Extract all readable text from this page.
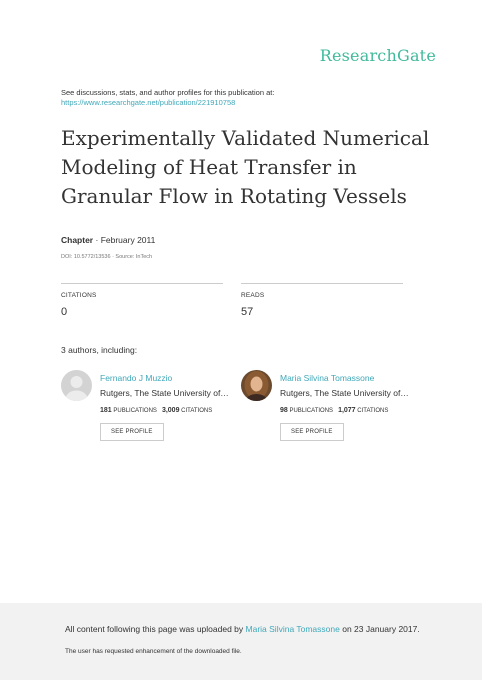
ResearchGate
See discussions, stats, and author profiles for this publication at:
https://www.researchgate.net/publication/221910758
Experimentally Validated Numerical Modeling of Heat Transfer in Granular Flow in Rotating Vessels
Chapter · February 2011
DOI: 10.5772/13536 · Source: InTech
CITATIONS
0
READS
57
3 authors, including:
Fernando J Muzzio
Rutgers, The State University of…
181 PUBLICATIONS 3,009 CITATIONS
SEE PROFILE
Maria Silvina Tomassone
Rutgers, The State University of…
98 PUBLICATIONS 1,077 CITATIONS
SEE PROFILE
All content following this page was uploaded by Maria Silvina Tomassone on 23 January 2017.
The user has requested enhancement of the downloaded file.
